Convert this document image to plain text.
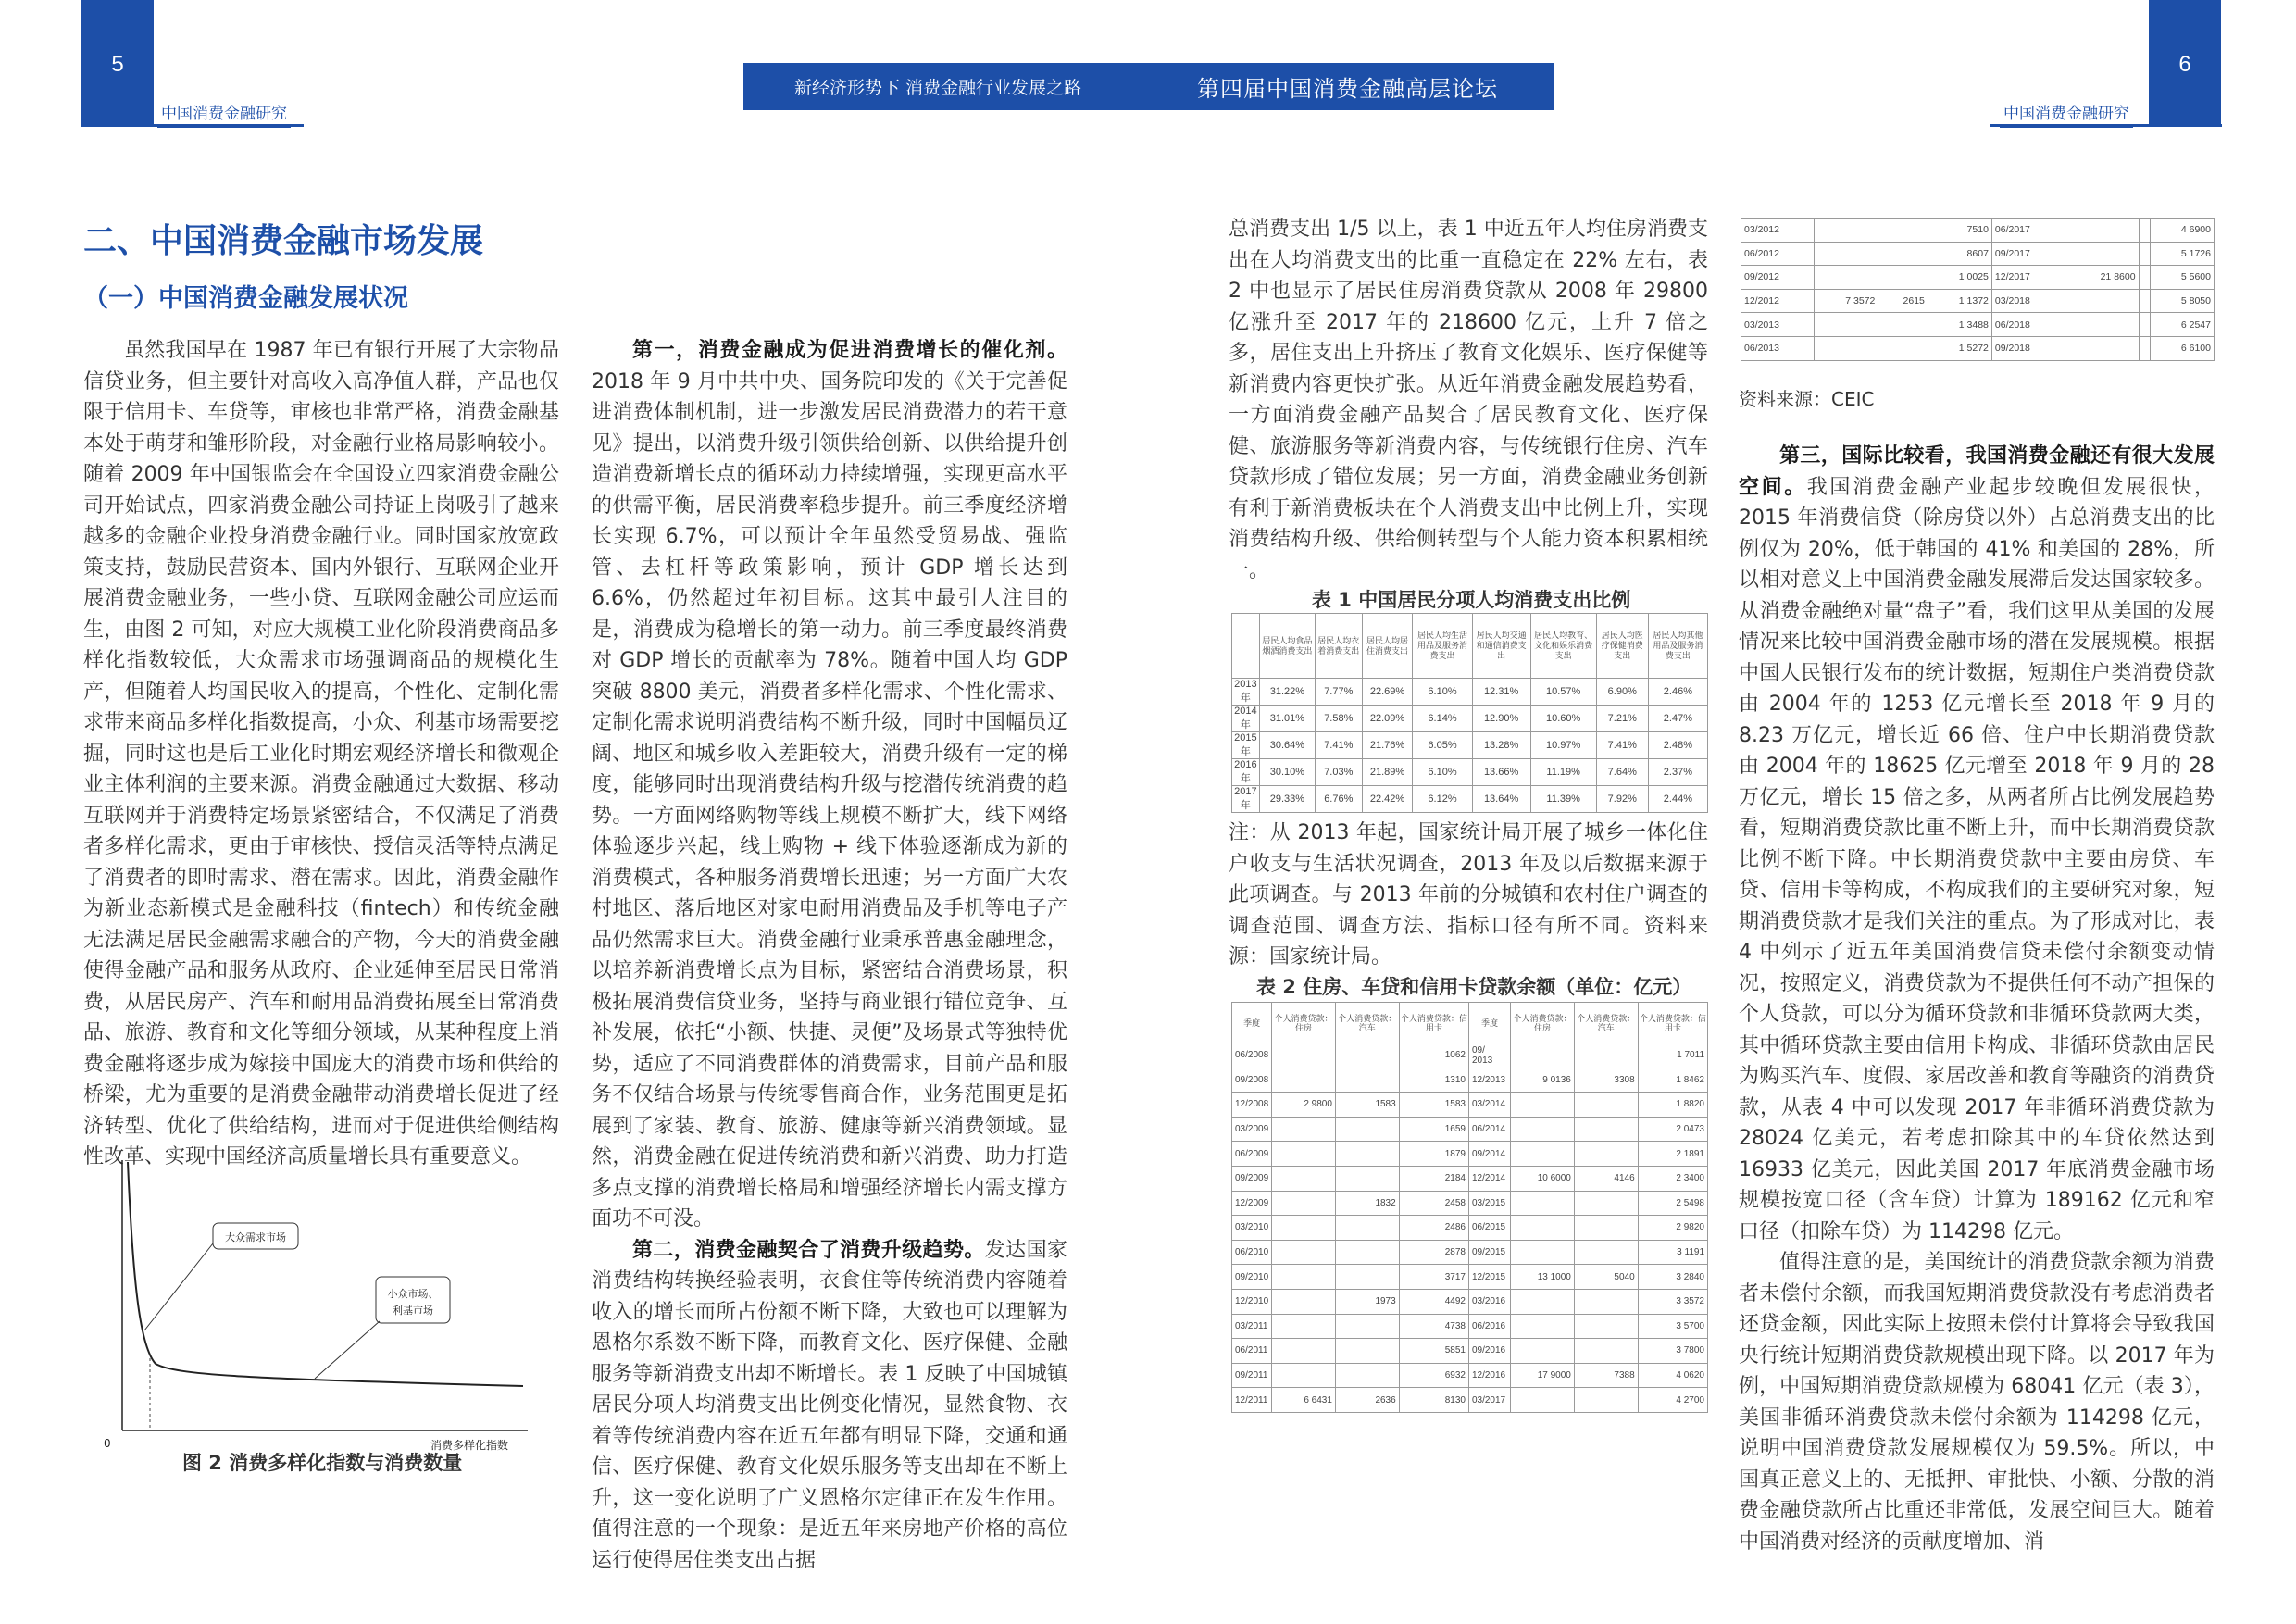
5
中国消费金融研究
新经济形势下 消费金融行业发展之路	第四届中国消费金融高层论坛
6
中国消费金融研究
二、中国消费金融市场发展
（一）中国消费金融发展状况

虽然我国早在 1987 年已有银行开展了大宗物品信贷业务，但主要针对高收入高净值人群，产品也仅限于信用卡、车贷等，审核也非常严格，消费金融基本处于萌芽和雏形阶段，对金融行业格局影响较小。随着 2009 年中国银监会在全国设立四家消费金融公司开始试点，四家消费金融公司持证上岗吸引了越来越多的金融企业投身消费金融行业。同时国家放宽政策支持，鼓励民营资本、国内外银行、互联网企业开展消费金融业务，一些小贷、互联网金融公司应运而生，由图 2 可知，对应大规模工业化阶段消费商品多样化指数较低，大众需求市场强调商品的规模化生产，但随着人均国民收入的提高，个性化、定制化需求带来商品多样化指数提高，小众、利基市场需要挖掘，同时这也是后工业化时期宏观经济增长和微观企业主体利润的主要来源。消费金融通过大数据、移动互联网并于消费特定场景紧密结合，不仅满足了消费者多样化需求，更由于审核快、授信灵活等特点满足了消费者的即时需求、潜在需求。因此，消费金融作为新业态新模式是金融科技（fintech）和传统金融无法满足居民金融需求融合的产物，今天的消费金融使得金融产品和服务从政府、企业延伸至居民日常消费，从居民房产、汽车和耐用品消费拓展至日常消费品、旅游、教育和文化等细分领域，从某种程度上消费金融将逐步成为嫁接中国庞大的消费市场和供给的桥梁，尤为重要的是消费金融带动消费增长促进了经济转型、优化了供给结构，进而对于促进供给侧结构性改革、实现中国经济高质量增长具有重要意义。

大众需求市场
小众市场、
利基市场
0	消费多样化指数
图 2 消费多样化指数与消费数量

第一，消费金融成为促进消费增长的催化剂。2018 年 9 月中共中央、国务院印发的《关于完善促进消费体制机制，进一步激发居民消费潜力的若干意见》提出，以消费升级引领供给创新、以供给提升创造消费新增长点的循环动力持续增强，实现更高水平的供需平衡，居民消费率稳步提升。前三季度经济增长实现 6.7%，可以预计全年虽然受贸易战、强监管、去杠杆等政策影响，预计 GDP 增长达到 6.6%，仍然超过年初目标。这其中最引人注目的是，消费成为稳增长的第一动力。前三季度最终消费对 GDP 增长的贡献率为 78%。随着中国人均 GDP 突破 8800 美元，消费者多样化需求、个性化需求、定制化需求说明消费结构不断升级，同时中国幅员辽阔、地区和城乡收入差距较大，消费升级有一定的梯度，能够同时出现消费结构升级与挖潜传统消费的趋势。一方面网络购物等线上规模不断扩大，线下网络体验逐步兴起，线上购物 + 线下体验逐渐成为新的消费模式，各种服务消费增长迅速；另一方面广大农村地区、落后地区对家电耐用消费品及手机等电子产品仍然需求巨大。消费金融行业秉承普惠金融理念，以培养新消费增长点为目标，紧密结合消费场景，积极拓展消费信贷业务，坚持与商业银行错位竞争、互补发展，依托“小额、快捷、灵便”及场景式等独特优势，适应了不同消费群体的消费需求，目前产品和服务不仅结合场景与传统零售商合作，业务范围更是拓展到了家装、教育、旅游、健康等新兴消费领域。显然，消费金融在促进传统消费和新兴消费、助力打造多点支撑的消费增长格局和增强经济增长内需支撑方面功不可没。

第二，消费金融契合了消费升级趋势。发达国家消费结构转换经验表明，衣食住等传统消费内容随着收入的增长而所占份额不断下降，大致也可以理解为恩格尔系数不断下降，而教育文化、医疗保健、金融服务等新消费支出却不断增长。表 1 反映了中国城镇居民分项人均消费支出比例变化情况，显然食物、衣着等传统消费内容在近五年都有明显下降，交通和通信、医疗保健、教育文化娱乐服务等支出却在不断上升，这一变化说明了广义恩格尔定律正在发生作用。值得注意的一个现象：是近五年来房地产价格的高位运行使得居住类支出占据

总消费支出 1/5 以上，表 1 中近五年人均住房消费支出在人均消费支出的比重一直稳定在 22% 左右，表 2 中也显示了居民住房消费贷款从 2008 年 29800 亿涨升至 2017 年的 218600 亿元，上升 7 倍之多，居住支出上升挤压了教育文化娱乐、医疗保健等新消费内容更快扩张。从近年消费金融发展趋势看，一方面消费金融产品契合了居民教育文化、医疗保健、旅游服务等新消费内容，与传统银行住房、汽车贷款形成了错位发展；另一方面，消费金融业务创新有利于新消费板块在个人消费支出中比例上升，实现消费结构升级、供给侧转型与个人能力资本积累相统一。
表 1 中国居民分项人均消费支出比例
	居民人均食品烟酒消费支出	居民人均衣着消费支出	居民人均居住消费支出	居民人均生活用品及服务消费支出	居民人均交通和通信消费支出	居民人均教育、文化和娱乐消费支出	居民人均医疗保健消费支出	居民人均其他用品及服务消费支出
2013 年	31.22%	7.77%	22.69%	6.10%	12.31%	10.57%	6.90%	2.46%
2014 年	31.01%	7.58%	22.09%	6.14%	12.90%	10.60%	7.21%	2.47%
2015 年	30.64%	7.41%	21.76%	6.05%	13.28%	10.97%	7.41%	2.48%
2016 年	30.10%	7.03%	21.89%	6.10%	13.66%	11.19%	7.64%	2.37%
2017 年	29.33%	6.76%	22.42%	6.12%	13.64%	11.39%	7.92%	2.44%
注：从 2013 年起，国家统计局开展了城乡一体化住户收支与生活状况调查，2013 年及以后数据来源于此项调查。与 2013 年前的分城镇和农村住户调查的调查范围、调查方法、指标口径有所不同。资料来源：国家统计局。
表 2 住房、车贷和信用卡贷款余额（单位：亿元）
季度	个人消费贷款：住房	个人消费贷款：汽车	个人消费贷款：信用卡	季度	个人消费贷款：住房	个人消费贷款：汽车	个人消费贷款：信用卡
06/2008			1062	09/ 2013			1 7011
09/2008			1310	12/2013	9 0136	3308	1 8462
12/2008	2 9800	1583	1583	03/2014			1 8820
03/2009			1659	06/2014			2 0473
06/2009			1879	09/2014			2 1891
09/2009			2184	12/2014	10 6000	4146	2 3400
12/2009		1832	2458	03/2015			2 5498
03/2010			2486	06/2015			2 9820
06/2010			2878	09/2015			3 1191
09/2010			3717	12/2015	13 1000	5040	3 2840
12/2010		1973	4492	03/2016			3 3572
03/2011			4738	06/2016			3 5700
06/2011			5851	09/2016			3 7800
09/2011			6932	12/2016	17 9000	7388	4 0620
12/2011	6 6431	2636	8130	03/2017			4 2700
03/2012			7510	06/2017			4 6900
06/2012			8607	09/2017			5 1726
09/2012			1 0025	12/2017	21 8600		5 5600
12/2012	7 3572	2615	1 1372	03/2018			5 8050
03/2013			1 3488	06/2018			6 2547
06/2013			1 5272	09/2018			6 6100
资料来源：CEIC

第三，国际比较看，我国消费金融还有很大发展空间。我国消费金融产业起步较晚但发展很快，2015 年消费信贷（除房贷以外）占总消费支出的比例仅为 20%，低于韩国的 41% 和美国的 28%，所以相对意义上中国消费金融发展滞后发达国家较多。从消费金融绝对量“盘子”看，我们这里从美国的发展情况来比较中国消费金融市场的潜在发展规模。根据中国人民银行发布的统计数据，短期住户类消费贷款由 2004 年的 1253 亿元增长至 2018 年 9 月的 8.23 万亿元，增长近 66 倍、住户中长期消费贷款由 2004 年的 18625 亿元增至 2018 年 9 月的 28 万亿元，增长 15 倍之多，从两者所占比例发展趋势看，短期消费贷款比重不断上升，而中长期消费贷款比例不断下降。中长期消费贷款中主要由房贷、车贷、信用卡等构成，不构成我们的主要研究对象，短期消费贷款才是我们关注的重点。为了形成对比，表 4 中列示了近五年美国消费信贷未偿付余额变动情况，按照定义，消费贷款为不提供任何不动产担保的个人贷款，可以分为循环贷款和非循环贷款两大类，其中循环贷款主要由信用卡构成、非循环贷款由居民为购买汽车、度假、家居改善和教育等融资的消费贷款，从表 4 中可以发现 2017 年非循环消费贷款为 28024 亿美元，若考虑扣除其中的车贷依然达到 16933 亿美元，因此美国 2017 年底消费金融市场规模按宽口径（含车贷）计算为 189162 亿元和窄口径（扣除车贷）为 114298 亿元。

值得注意的是，美国统计的消费贷款余额为消费者未偿付余额，而我国短期消费贷款没有考虑消费者还贷金额，因此实际上按照未偿付计算将会导致我国央行统计短期消费贷款规模出现下降。以 2017 年为例，中国短期消费贷款规模为 68041 亿元（表 3），美国非循环消费贷款未偿付余额为 114298 亿元，说明中国消费贷款发展规模仅为 59.5%。所以，中国真正意义上的、无抵押、审批快、小额、分散的消费金融贷款所占比重还非常低，发展空间巨大。随着中国消费对经济的贡献度增加、消
